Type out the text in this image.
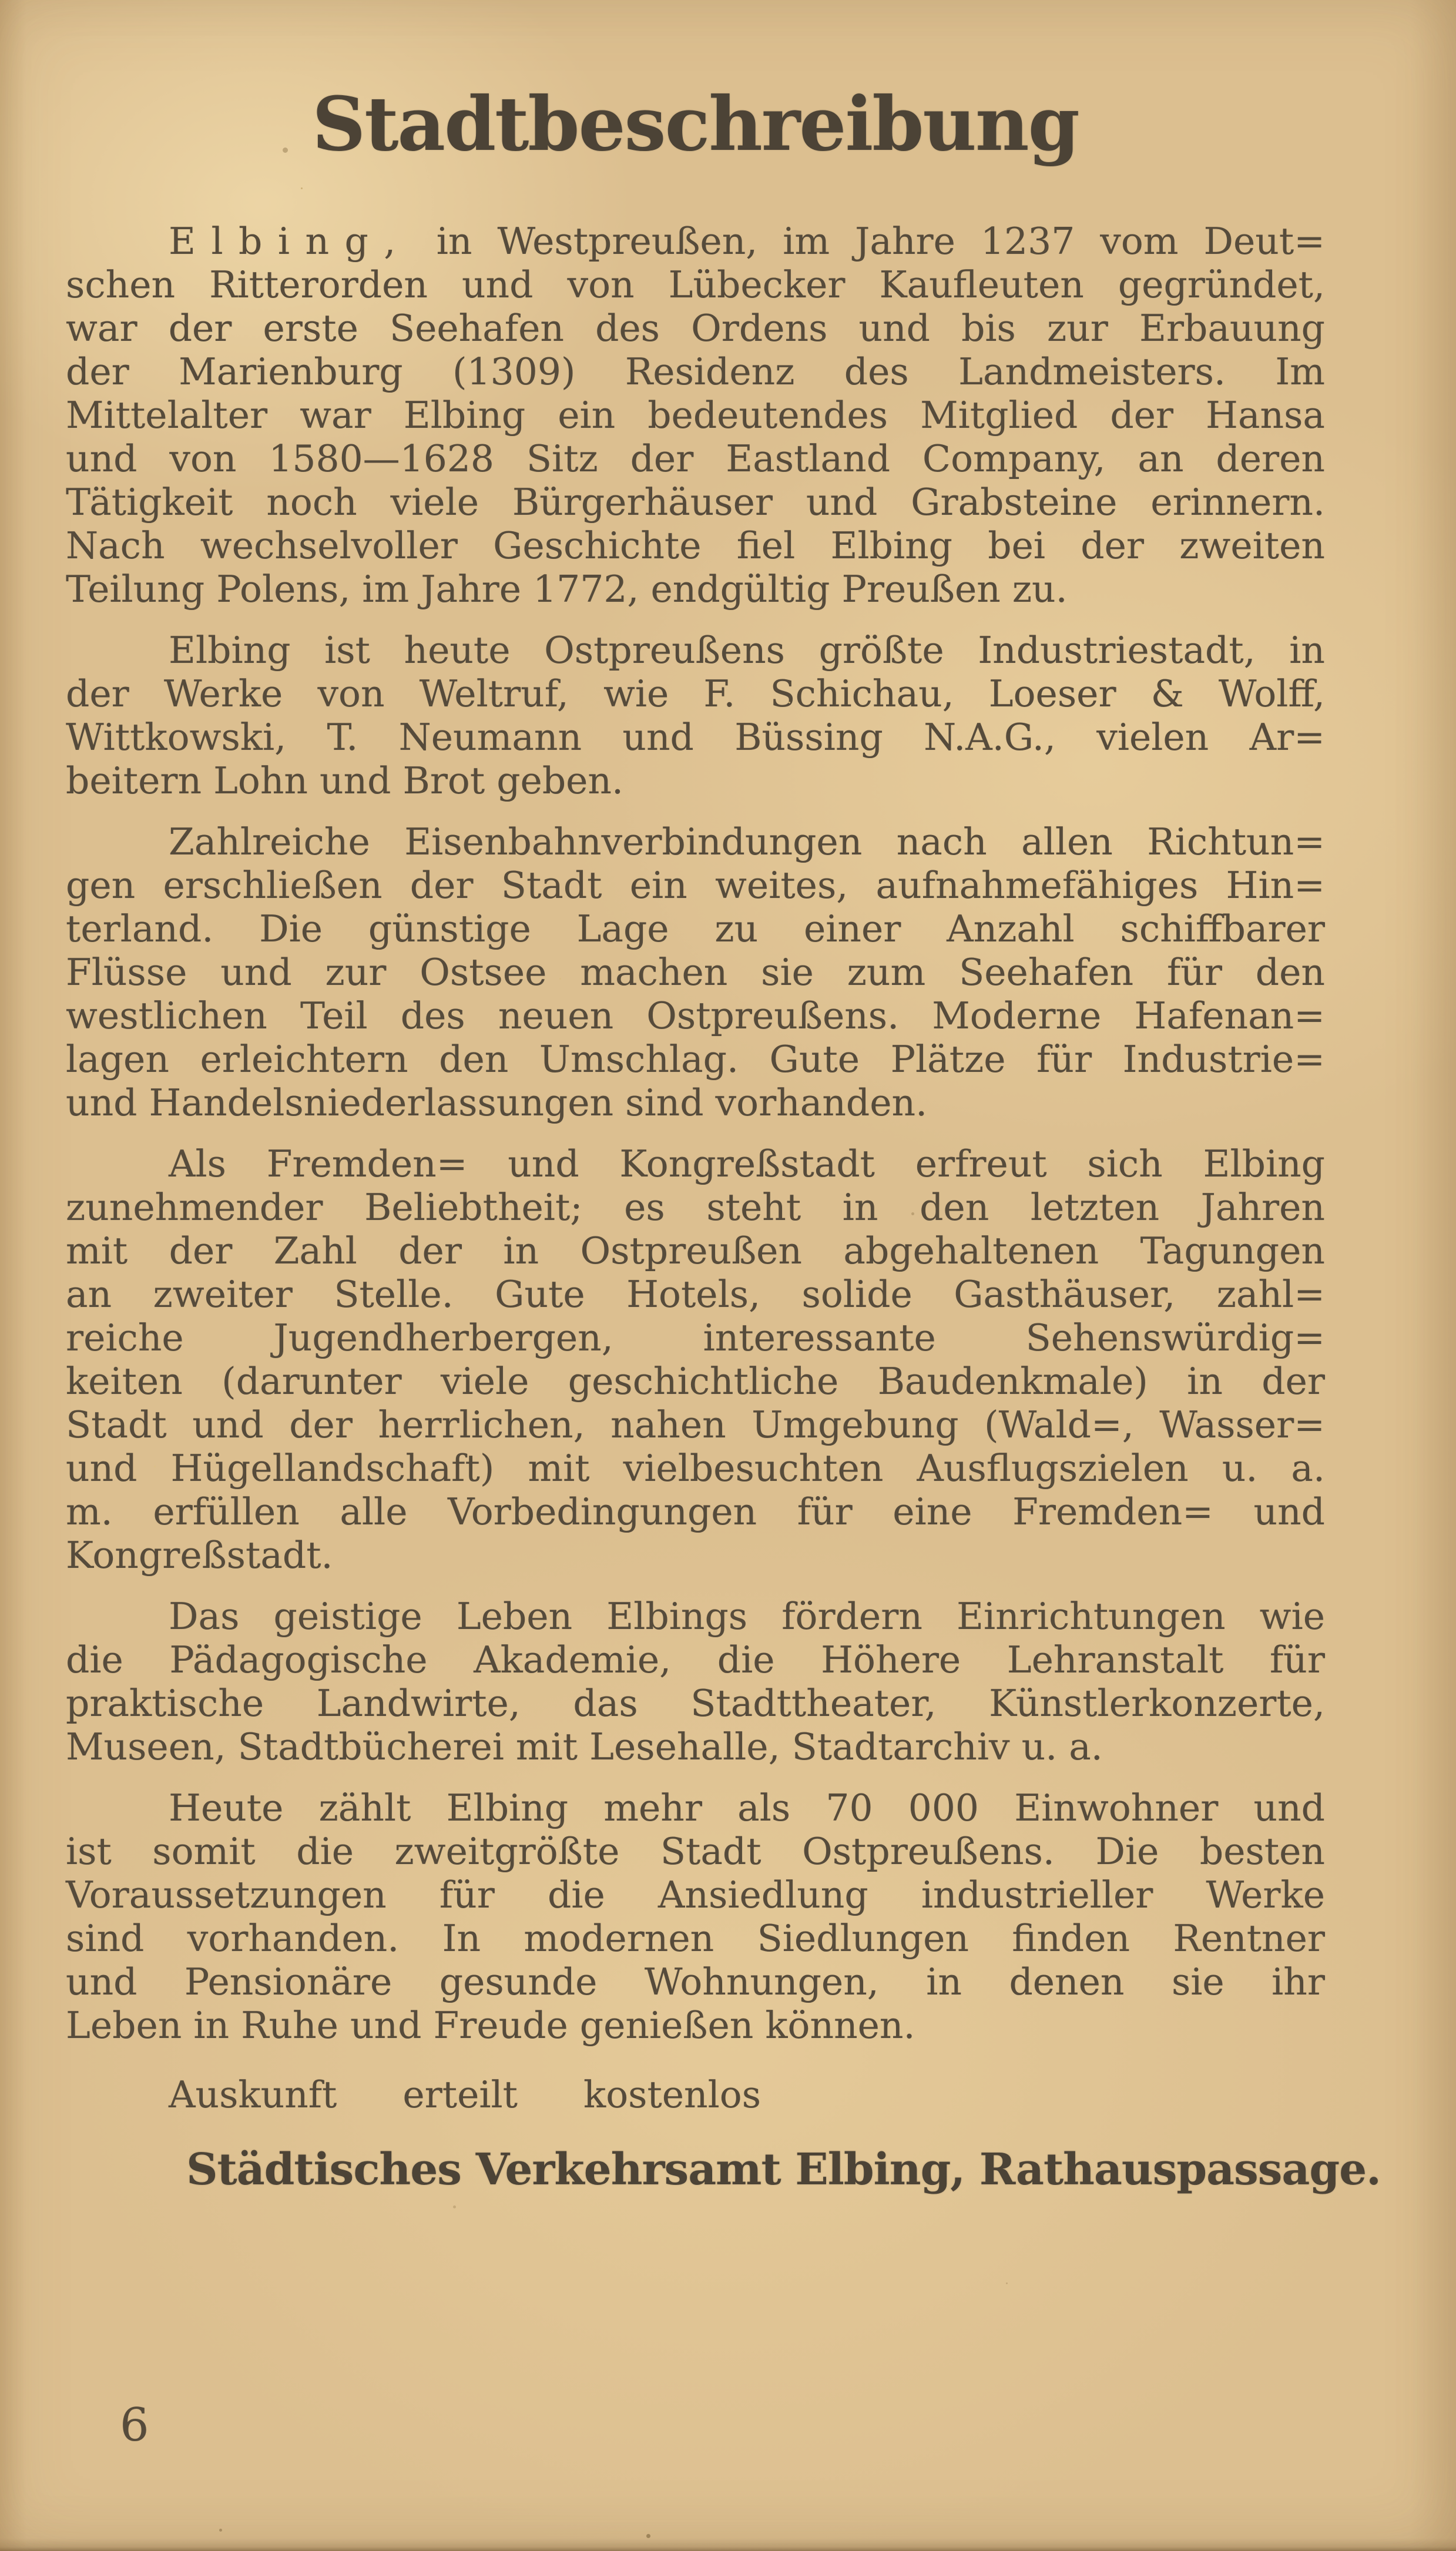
Stadtbeschreibung
Elbing, in Westpreußen, im Jahre 1237 vom Deut=
schen Ritterorden und von Lübecker Kaufleuten gegründet,
war der erste Seehafen des Ordens und bis zur Erbauung
der Marienburg (1309) Residenz des Landmeisters. Im
Mittelalter war Elbing ein bedeutendes Mitglied der Hansa
und von 1580—1628 Sitz der Eastland Company, an deren
Tätigkeit noch viele Bürgerhäuser und Grabsteine erinnern.
Nach wechselvoller Geschichte fiel Elbing bei der zweiten
Teilung Polens, im Jahre 1772, endgültig Preußen zu.
Elbing ist heute Ostpreußens größte Industriestadt, in
der Werke von Weltruf, wie F. Schichau, Loeser & Wolff,
Wittkowski, T. Neumann und Büssing N.A.G., vielen Ar=
beitern Lohn und Brot geben.
Zahlreiche Eisenbahnverbindungen nach allen Richtun=
gen erschließen der Stadt ein weites, aufnahmefähiges Hin=
terland. Die günstige Lage zu einer Anzahl schiffbarer
Flüsse und zur Ostsee machen sie zum Seehafen für den
westlichen Teil des neuen Ostpreußens. Moderne Hafenan=
lagen erleichtern den Umschlag. Gute Plätze für Industrie=
und Handelsniederlassungen sind vorhanden.
Als Fremden= und Kongreßstadt erfreut sich Elbing
zunehmender Beliebtheit; es steht in den letzten Jahren
mit der Zahl der in Ostpreußen abgehaltenen Tagungen
an zweiter Stelle. Gute Hotels, solide Gasthäuser, zahl=
reiche Jugendherbergen, interessante Sehenswürdig=
keiten (darunter viele geschichtliche Baudenkmale) in der
Stadt und der herrlichen, nahen Umgebung (Wald=, Wasser=
und Hügellandschaft) mit vielbesuchten Ausflugszielen u. a.
m. erfüllen alle Vorbedingungen für eine Fremden= und
Kongreßstadt.
Das geistige Leben Elbings fördern Einrichtungen wie
die Pädagogische Akademie, die Höhere Lehranstalt für
praktische Landwirte, das Stadttheater, Künstlerkonzerte,
Museen, Stadtbücherei mit Lesehalle, Stadtarchiv u. a.
Heute zählt Elbing mehr als 70 000 Einwohner und
ist somit die zweitgrößte Stadt Ostpreußens. Die besten
Voraussetzungen für die Ansiedlung industrieller Werke
sind vorhanden. In modernen Siedlungen finden Rentner
und Pensionäre gesunde Wohnungen, in denen sie ihr
Leben in Ruhe und Freude genießen können.
Auskunft erteilt kostenlos
Städtisches Verkehrsamt Elbing, Rathauspassage.
6
